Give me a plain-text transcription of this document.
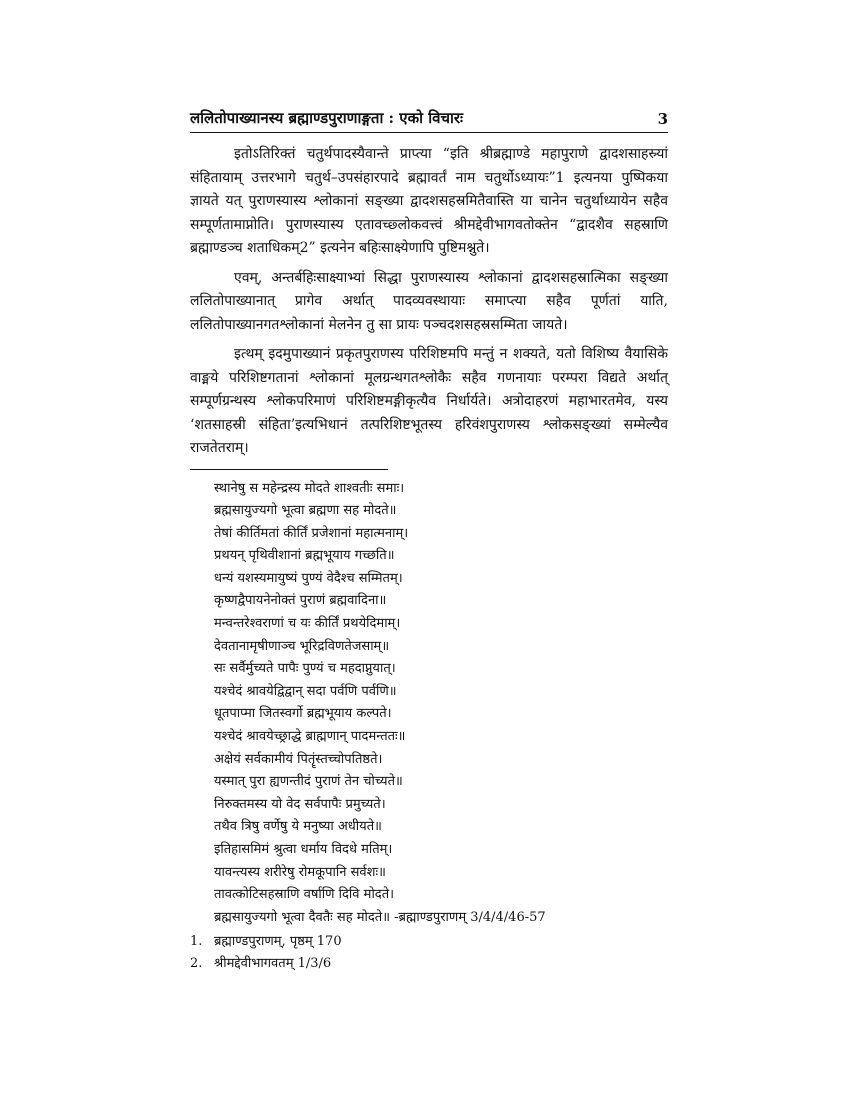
ललितोपाख्यानस्य ब्रह्माण्डपुराणाङ्गता : एको विचारः	3

इतोऽतिरिक्तं चतुर्थपादस्यैवान्ते प्राप्त्या “इति श्रीब्रह्माण्डे महापुराणे द्वादशसाहस्र्यां संहितायाम् उत्तरभागे चतुर्थ–उपसंहारपादे ब्रह्मावर्तं नाम चतुर्थोऽध्यायः”1 इत्यनया पुष्पिकया ज्ञायते यत् पुराणस्यास्य श्लोकानां सङ्ख्या द्वादशसहस्रमितैवास्ति या चानेन चतुर्थाध्यायेन सहैव सम्पूर्णतामाप्नोति। पुराणस्यास्य एतावच्छ्लोकवत्त्वं श्रीमद्देवीभागवतोक्तेन “द्वादशैव सहस्राणि ब्रह्माण्डञ्च शताधिकम्2” इत्यनेन बहिःसाक्ष्येणापि पुष्टिमश्नुते।

एवम्, अन्तर्बहिःसाक्ष्याभ्यां सिद्धा पुराणस्यास्य श्लोकानां द्वादशसहस्रात्मिका सङ्ख्या ललितोपाख्यानात् प्रागेव अर्थात् पादव्यवस्थायाः समाप्त्या सहैव पूर्णतां याति, ललितोपाख्यानगतश्लोकानां मेलनेन तु सा प्रायः पञ्चदशसहस्रसम्मिता जायते।

इत्थम् इदमुपाख्यानं प्रकृतपुराणस्य परिशिष्टमपि मन्तुं न शक्यते, यतो विशिष्य वैयासिके वाङ्मये परिशिष्टगतानां श्लोकानां मूलग्रन्थगतश्लोकैः सहैव गणनायाः परम्परा विद्यते अर्थात् सम्पूर्णग्रन्थस्य श्लोकपरिमाणं परिशिष्टमङ्गीकृत्यैव निर्धार्यते। अत्रोदाहरणं महाभारतमेव, यस्य ‘शतसाहस्री संहिता’इत्यभिधानं तत्परिशिष्टभूतस्य हरिवंशपुराणस्य श्लोकसङ्ख्यां सम्मेल्यैव राजतेतराम्।

स्थानेषु स महेन्द्रस्य मोदते शाश्वतीः समाः।
ब्रह्मसायुज्यगो भूत्वा ब्रह्मणा सह मोदते॥
तेषां कीर्तिमतां कीर्तिं प्रजेशानां महात्मनाम्।
प्रथयन् पृथिवीशानां ब्रह्मभूयाय गच्छति॥
धन्यं यशस्यमायुष्यं पुण्यं वेदैश्च सम्मितम्।
कृष्णद्वैपायनेनोक्तं पुराणं ब्रह्मवादिना॥
मन्वन्तरेश्वराणां च यः कीर्तिं प्रथयेदिमाम्।
देवतानामृषीणाञ्च भूरिद्रविणतेजसाम्॥
सः सर्वैर्मुच्यते पापैः पुण्यं च महदाप्नुयात्।
यश्चेदं श्रावयेद्विद्वान् सदा पर्वणि पर्वणि॥
धूतपाप्मा जितस्वर्गो ब्रह्मभूयाय कल्पते।
यश्चेदं श्रावयेच्छ्राद्धे ब्राह्मणान् पादमन्ततः॥
अक्षेयं सर्वकामीयं पितॄंस्तच्चोपतिष्ठते।
यस्मात् पुरा ह्यणन्तीदं पुराणं तेन चोच्यते॥
निरुक्तमस्य यो वेद सर्वपापैः प्रमुच्यते।
तथैव त्रिषु वर्णेषु ये मनुष्या अधीयते॥
इतिहासमिमं श्रुत्वा धर्माय विदधे मतिम्।
यावन्त्यस्य शरीरेषु रोमकूपानि सर्वशः॥
तावत्कोटिसहस्राणि वर्षाणि दिवि मोदते।
ब्रह्मसायुज्यगो भूत्वा दैवतैः सह मोदते॥ -ब्रह्माण्डपुराणम् 3/4/4/46-57
1. ब्रह्माण्डपुराणम्, पृष्ठम् 170
2. श्रीमद्देवीभागवतम् 1/3/6
